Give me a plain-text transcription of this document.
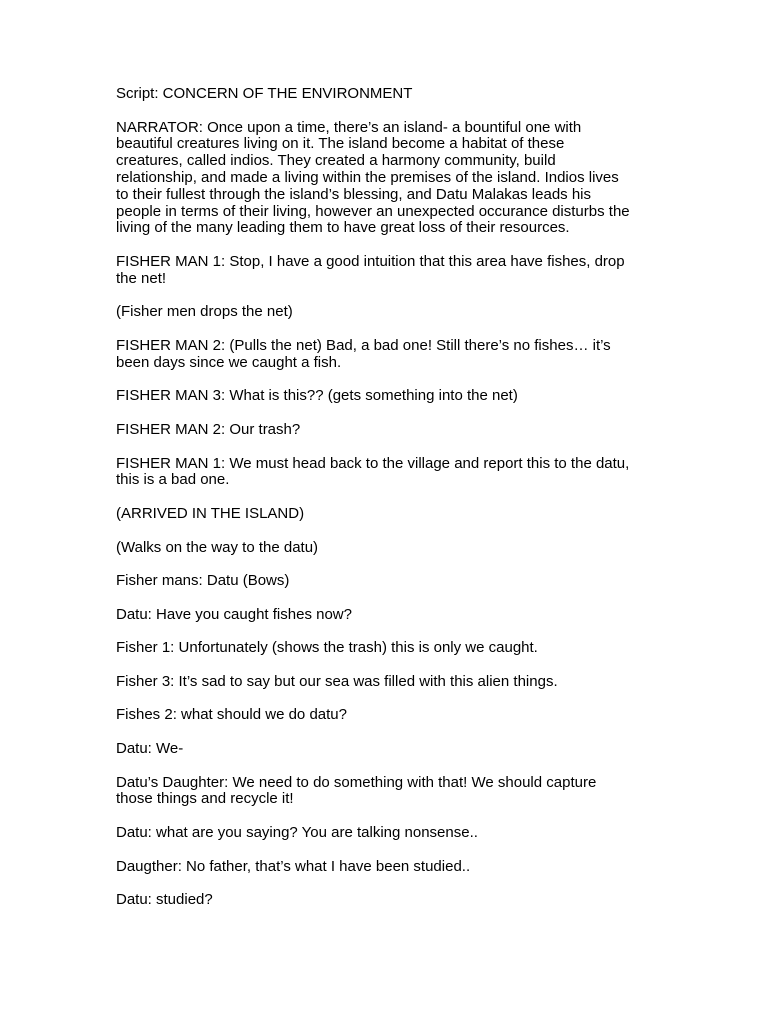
Script: CONCERN OF THE ENVIRONMENT

NARRATOR: Once upon a time, there’s an island- a bountiful one with
beautiful creatures living on it. The island become a habitat of these
creatures, called indios. They created a harmony community, build
relationship, and made a living within the premises of the island. Indios lives
to their fullest through the island’s blessing, and Datu Malakas leads his
people in terms of their living, however an unexpected occurance disturbs the
living of the many leading them to have great loss of their resources.

FISHER MAN 1: Stop, I have a good intuition that this area have fishes, drop
the net!

(Fisher men drops the net)

FISHER MAN 2: (Pulls the net) Bad, a bad one! Still there’s no fishes… it’s
been days since we caught a fish.

FISHER MAN 3: What is this?? (gets something into the net)

FISHER MAN 2: Our trash?

FISHER MAN 1: We must head back to the village and report this to the datu,
this is a bad one.

(ARRIVED IN THE ISLAND)

(Walks on the way to the datu)

Fisher mans: Datu (Bows)

Datu: Have you caught fishes now?

Fisher 1: Unfortunately (shows the trash) this is only we caught.

Fisher 3: It’s sad to say but our sea was filled with this alien things.

Fishes 2: what should we do datu?

Datu: We-

Datu’s Daughter: We need to do something with that! We should capture
those things and recycle it!

Datu: what are you saying? You are talking nonsense..

Daugther: No father, that’s what I have been studied..

Datu: studied?
